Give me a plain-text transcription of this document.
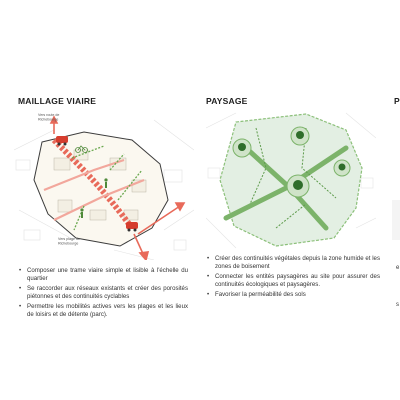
MAILLAGE VIAIRE
Vers route de
Richebourge
Vers plage de
Richebourge
• Composer une trame viaire simple et lisible à l'échelle du quartier
• Se raccorder aux réseaux existants et créer des porosités piétonnes et des continuités cyclables
• Permettre les mobilités actives vers les plages et les lieux de loisirs et de détente (parc).
PAYSAGE
• Créer des continuités végétales depuis la zone humide et les zones de boisement
• Connecter les entités paysagères au site pour assurer des continuités écologiques et paysagères.
• Favoriser la perméabilité des sols
P
e
s
